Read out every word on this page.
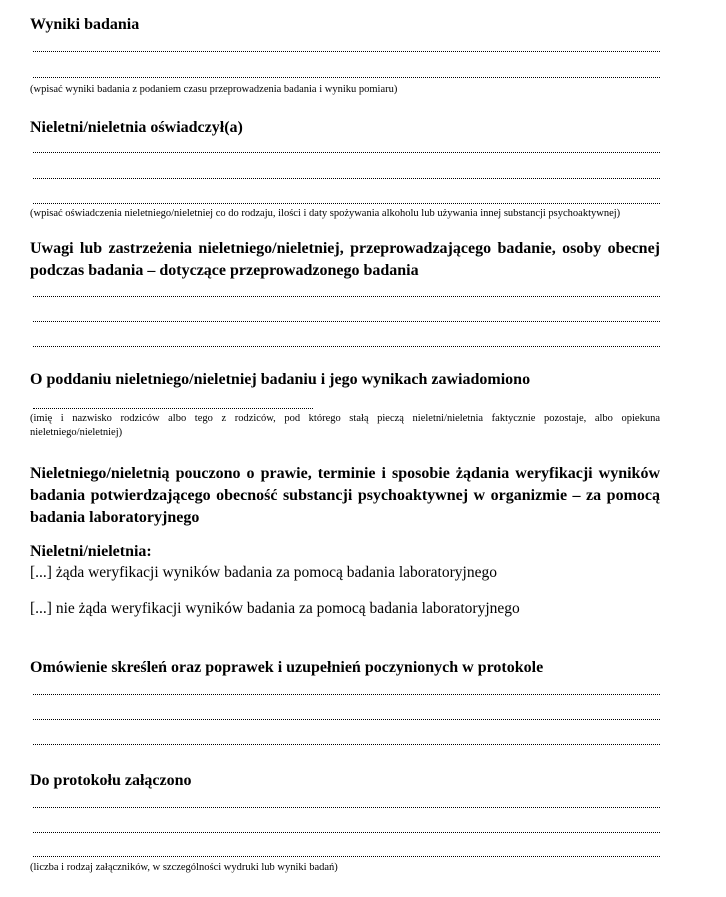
Wyniki badania
(wpisać wyniki badania z podaniem czasu przeprowadzenia badania i wyniku pomiaru)
Nieletni/nieletnia oświadczył(a)
(wpisać oświadczenia nieletniego/nieletniej co do rodzaju, ilości i daty spożywania alkoholu lub używania innej substancji psychoaktywnej)
Uwagi lub zastrzeżenia nieletniego/nieletniej, przeprowadzającego badanie, osoby obecnej podczas badania – dotyczące przeprowadzonego badania
O poddaniu nieletniego/nieletniej badaniu i jego wynikach zawiadomiono
(imię i nazwisko rodziców albo tego z rodziców, pod którego stałą pieczą nieletni/nieletnia faktycznie pozostaje, albo opiekuna nieletniego/nieletniej)
Nieletniego/nieletnią pouczono o prawie, terminie i sposobie żądania weryfikacji wyników badania potwierdzającego obecność substancji psychoaktywnej w organizmie – za pomocą badania laboratoryjnego
Nieletni/nieletnia:
[...] żąda weryfikacji wyników badania za pomocą badania laboratoryjnego
[...] nie żąda weryfikacji wyników badania za pomocą badania laboratoryjnego
Omówienie skreśleń oraz poprawek i uzupełnień poczynionych w protokole
Do protokołu załączono
(liczba i rodzaj załączników, w szczególności wydruki lub wyniki badań)
